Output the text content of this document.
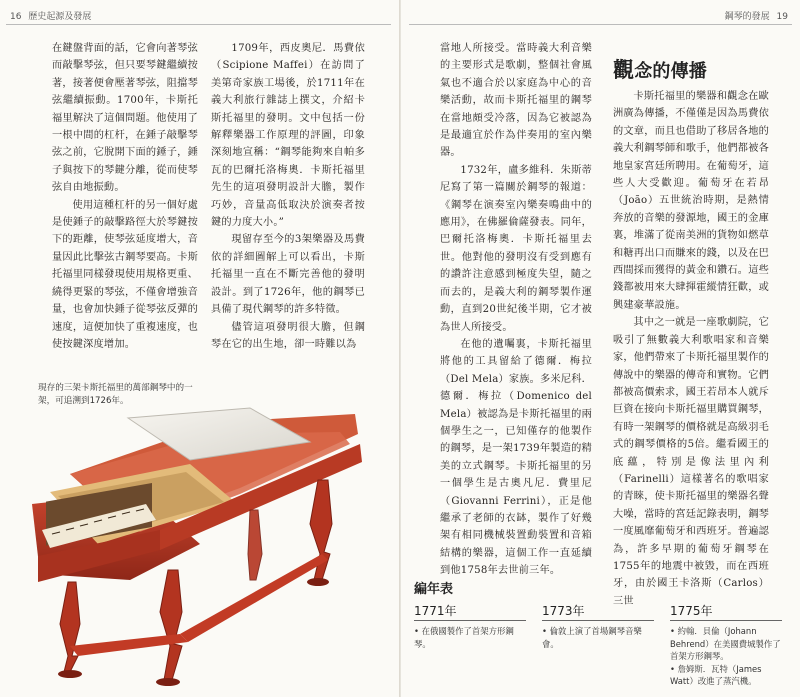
16 歷史起源及發展

在鍵盤背面的話，它會向著琴弦而敲擊琴弦，但只要琴鍵繼續按著，接著便會壓著琴弦，阻擋琴弦繼續振動。1700年，卡斯托福里解決了這個問題。他使用了一根中間的杠杆，在錘子敲擊琴弦之前，它脫開下面的錘子，錘子與按下的琴鍵分離，從而使琴弦自由地振動。

使用這種杠杆的另一個好處是使錘子的敲擊路徑大於琴鍵按下的距離，使琴弦延度增大，音量因此比擊弦古鋼琴要高。卡斯托福里同樣發現使用規格更重、繞得更緊的琴弦，不僅會增強音量，也會加快錘子從琴弦反彈的速度，這便加快了重複速度，也使按鍵深度增加。

1709年，西皮奧尼．馬費依（Scipione Maffei）在訪問了美第奇家族工場後，於1711年在義大利旅行雜誌上撰文，介紹卡斯托福里的發明。文中包括一份解釋樂器工作原理的評圖，印象深刻地宣稱：“鋼琴能夠來自帕多瓦的巴爾托洛梅奧．卡斯托福里先生的這項發明設計大膽，製作巧妙，音量高低取決於演奏者按鍵的力度大小。”

現留存至今的3架樂器及馬費依的詳細圖解上可以看出，卡斯托福里一直在不斷完善他的發明設計。到了1726年，他的鋼琴已具備了現代鋼琴的許多特徵。

儘管這項發明很大膽，但鋼琴在它的出生地，卻一時難以為

現存的三架卡斯托福里的萬部鋼琴中的一架，可追溯到1726年。
鋼琴的發展 19

當地人所接受。當時義大利音樂的主要形式是歌劇，整個社會風氣也不適合於以家庭為中心的音樂活動，故而卡斯托福里的鋼琴在當地頗受冷落，因為它被認為是最適宜於作為伴奏用的室內樂器。

1732年，盧多維科．朱斯蒂尼寫了第一篇關於鋼琴的報道：《鋼琴在演奏室內樂奏鳴曲中的應用》，在佛羅倫薩發表。同年，巴爾托洛梅奧．卡斯托福里去世。他對他的發明沒有受到應有的讚許注意感到極度失望，隨之而去的，是義大利的鋼琴製作運動，直到20世紀後半期，它才被為世人所接受。

在他的遺囑裏，卡斯托福里將他的工具留給了德爾．梅拉（Del Mela）家族。多米尼科．德爾．梅拉（Domenico del Mela）被認為是卡斯托福里的兩個學生之一，已知僅存的他製作的鋼琴，是一架1739年製造的精美的立式鋼琴。卡斯托福里的另一個學生是古奧凡尼．費里尼（Giovanni Ferrini），正是他繼承了老師的衣缽，製作了好幾架有相同機械裝置動裝置和音箱結構的樂器，這個工作一直延續到他1758年去世前三年。

觀念的傳播

卡斯托福里的樂器和觀念在歐洲廣為傳播，不僅僅是因為馬費依的文章，而且也借助了移居各地的義大利鋼琴師和歌手，他們都被各地皇家宮廷所聘用。在葡萄牙，這些人大受歡迎。葡萄牙在若昂（João）五世統治時期，是熱情奔放的音樂的發源地，國王的金庫裏，堆滿了從南美洲的貨物如燃草和糖再出口而賺來的錢，以及在巴西間採而獲得的黃金和鑽石。這些錢都被用來大肆揮霍縱情狂歡，或興建豪華設施。

其中之一就是一座歌劇院，它吸引了無數義大利歌唱家和音樂家，他們帶來了卡斯托福里製作的傳說中的樂器的傳奇和實物。它們都被高價索求，國王若昂本人就斥巨資在接向卡斯托福里購買鋼琴，有時一架鋼琴的價格就是高級羽毛式的鋼琴價格的5倍。繼看國王的底蘊，特別是像法里內利（Farinelli）這樣著名的歌唱家的青睞，使卡斯托福里的樂器名聲大噪，當時的宮廷記錄表明，鋼琴一度風靡葡萄牙和西班牙。普遍認為，許多早期的葡萄牙鋼琴在1755年的地震中被毀，而在西班牙，由於國王卡洛斯（Carlos）三世

編年表
1771年
• 在俄國製作了首架方形鋼琴。
1773年
• 倫敦上演了首場鋼琴音樂會。
1775年
• 約翰．貝倫（Johann Behrend）在美國費城製作了首架方形鋼琴。
• 詹姆斯．瓦特（James Watt）改進了蒸汽機。
